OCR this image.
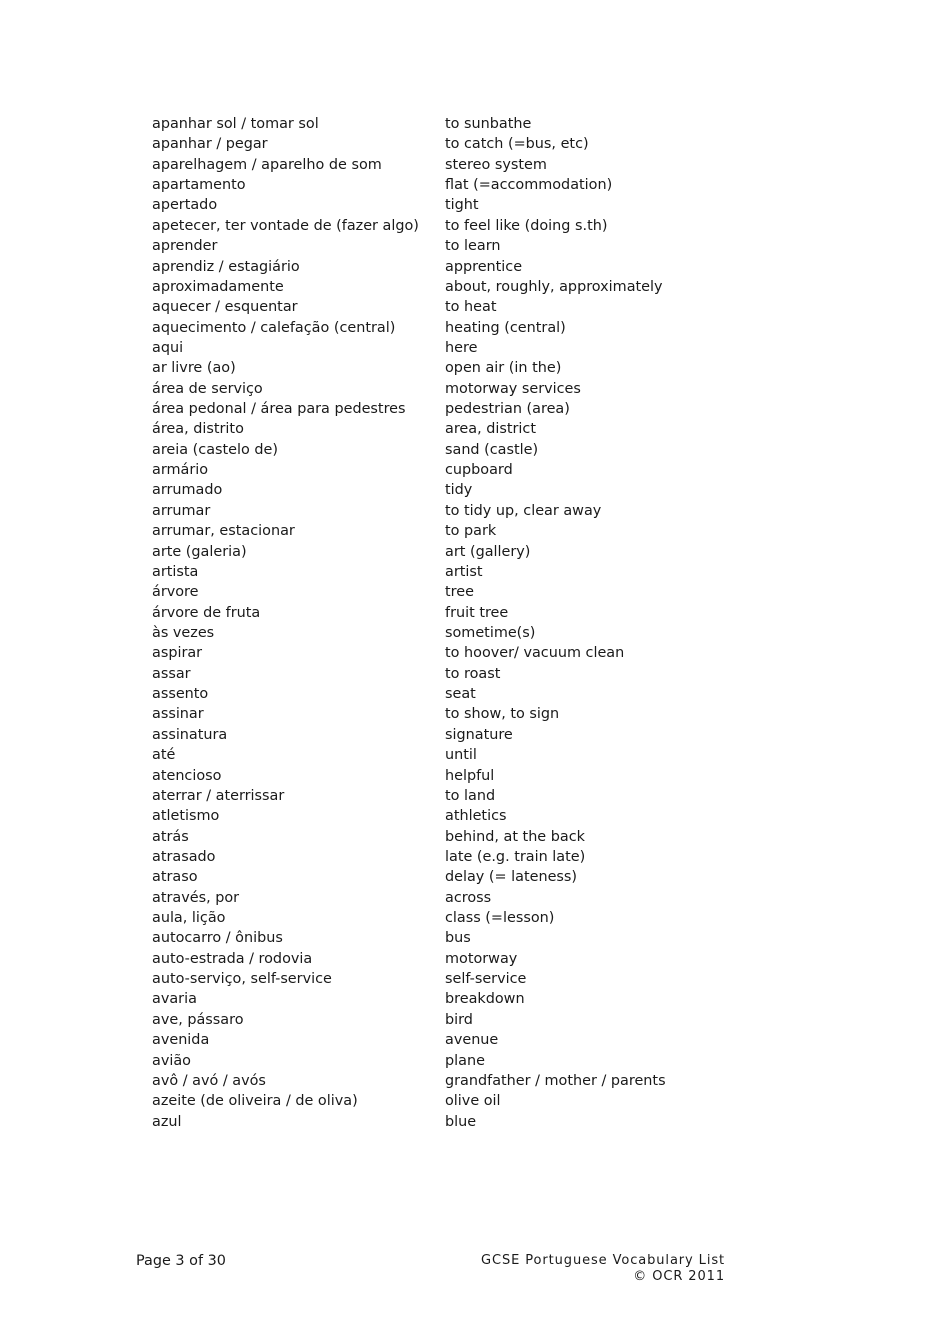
apanhar sol / tomar sol	to sunbathe
apanhar / pegar	to catch (=bus, etc)
aparelhagem / aparelho de som	stereo system
apartamento	flat (=accommodation)
apertado	tight
apetecer, ter vontade de (fazer algo)	to feel like (doing s.th)
aprender	to learn
aprendiz / estagiário	apprentice
aproximadamente	about, roughly, approximately
aquecer / esquentar	to heat
aquecimento / calefação (central)	heating (central)
aqui	here
ar livre (ao)	open air (in the)
área de serviço	motorway services
área pedonal / área para pedestres	pedestrian (area)
área, distrito	area, district
areia (castelo de)	sand (castle)
armário	cupboard
arrumado	tidy
arrumar	to tidy up, clear away
arrumar, estacionar	to park
arte (galeria)	art (gallery)
artista	artist
árvore	tree
árvore de fruta	fruit tree
às vezes	sometime(s)
aspirar	to hoover/ vacuum clean
assar	to roast
assento	seat
assinar	to show, to sign
assinatura	signature
até	until
atencioso	helpful
aterrar / aterrissar	to land
atletismo	athletics
atrás	behind, at the back
atrasado	late (e.g. train late)
atraso	delay (= lateness)
através, por	across
aula, lição	class (=lesson)
autocarro / ônibus	bus
auto-estrada / rodovia	motorway
auto-serviço, self-service	self-service
avaria	breakdown
ave, pássaro	bird
avenida	avenue
avião	plane
avô / avó / avós	grandfather / mother / parents
azeite (de oliveira / de oliva)	olive oil
azul	blue
Page 3 of 30	GCSE Portuguese Vocabulary List
© OCR 2011
